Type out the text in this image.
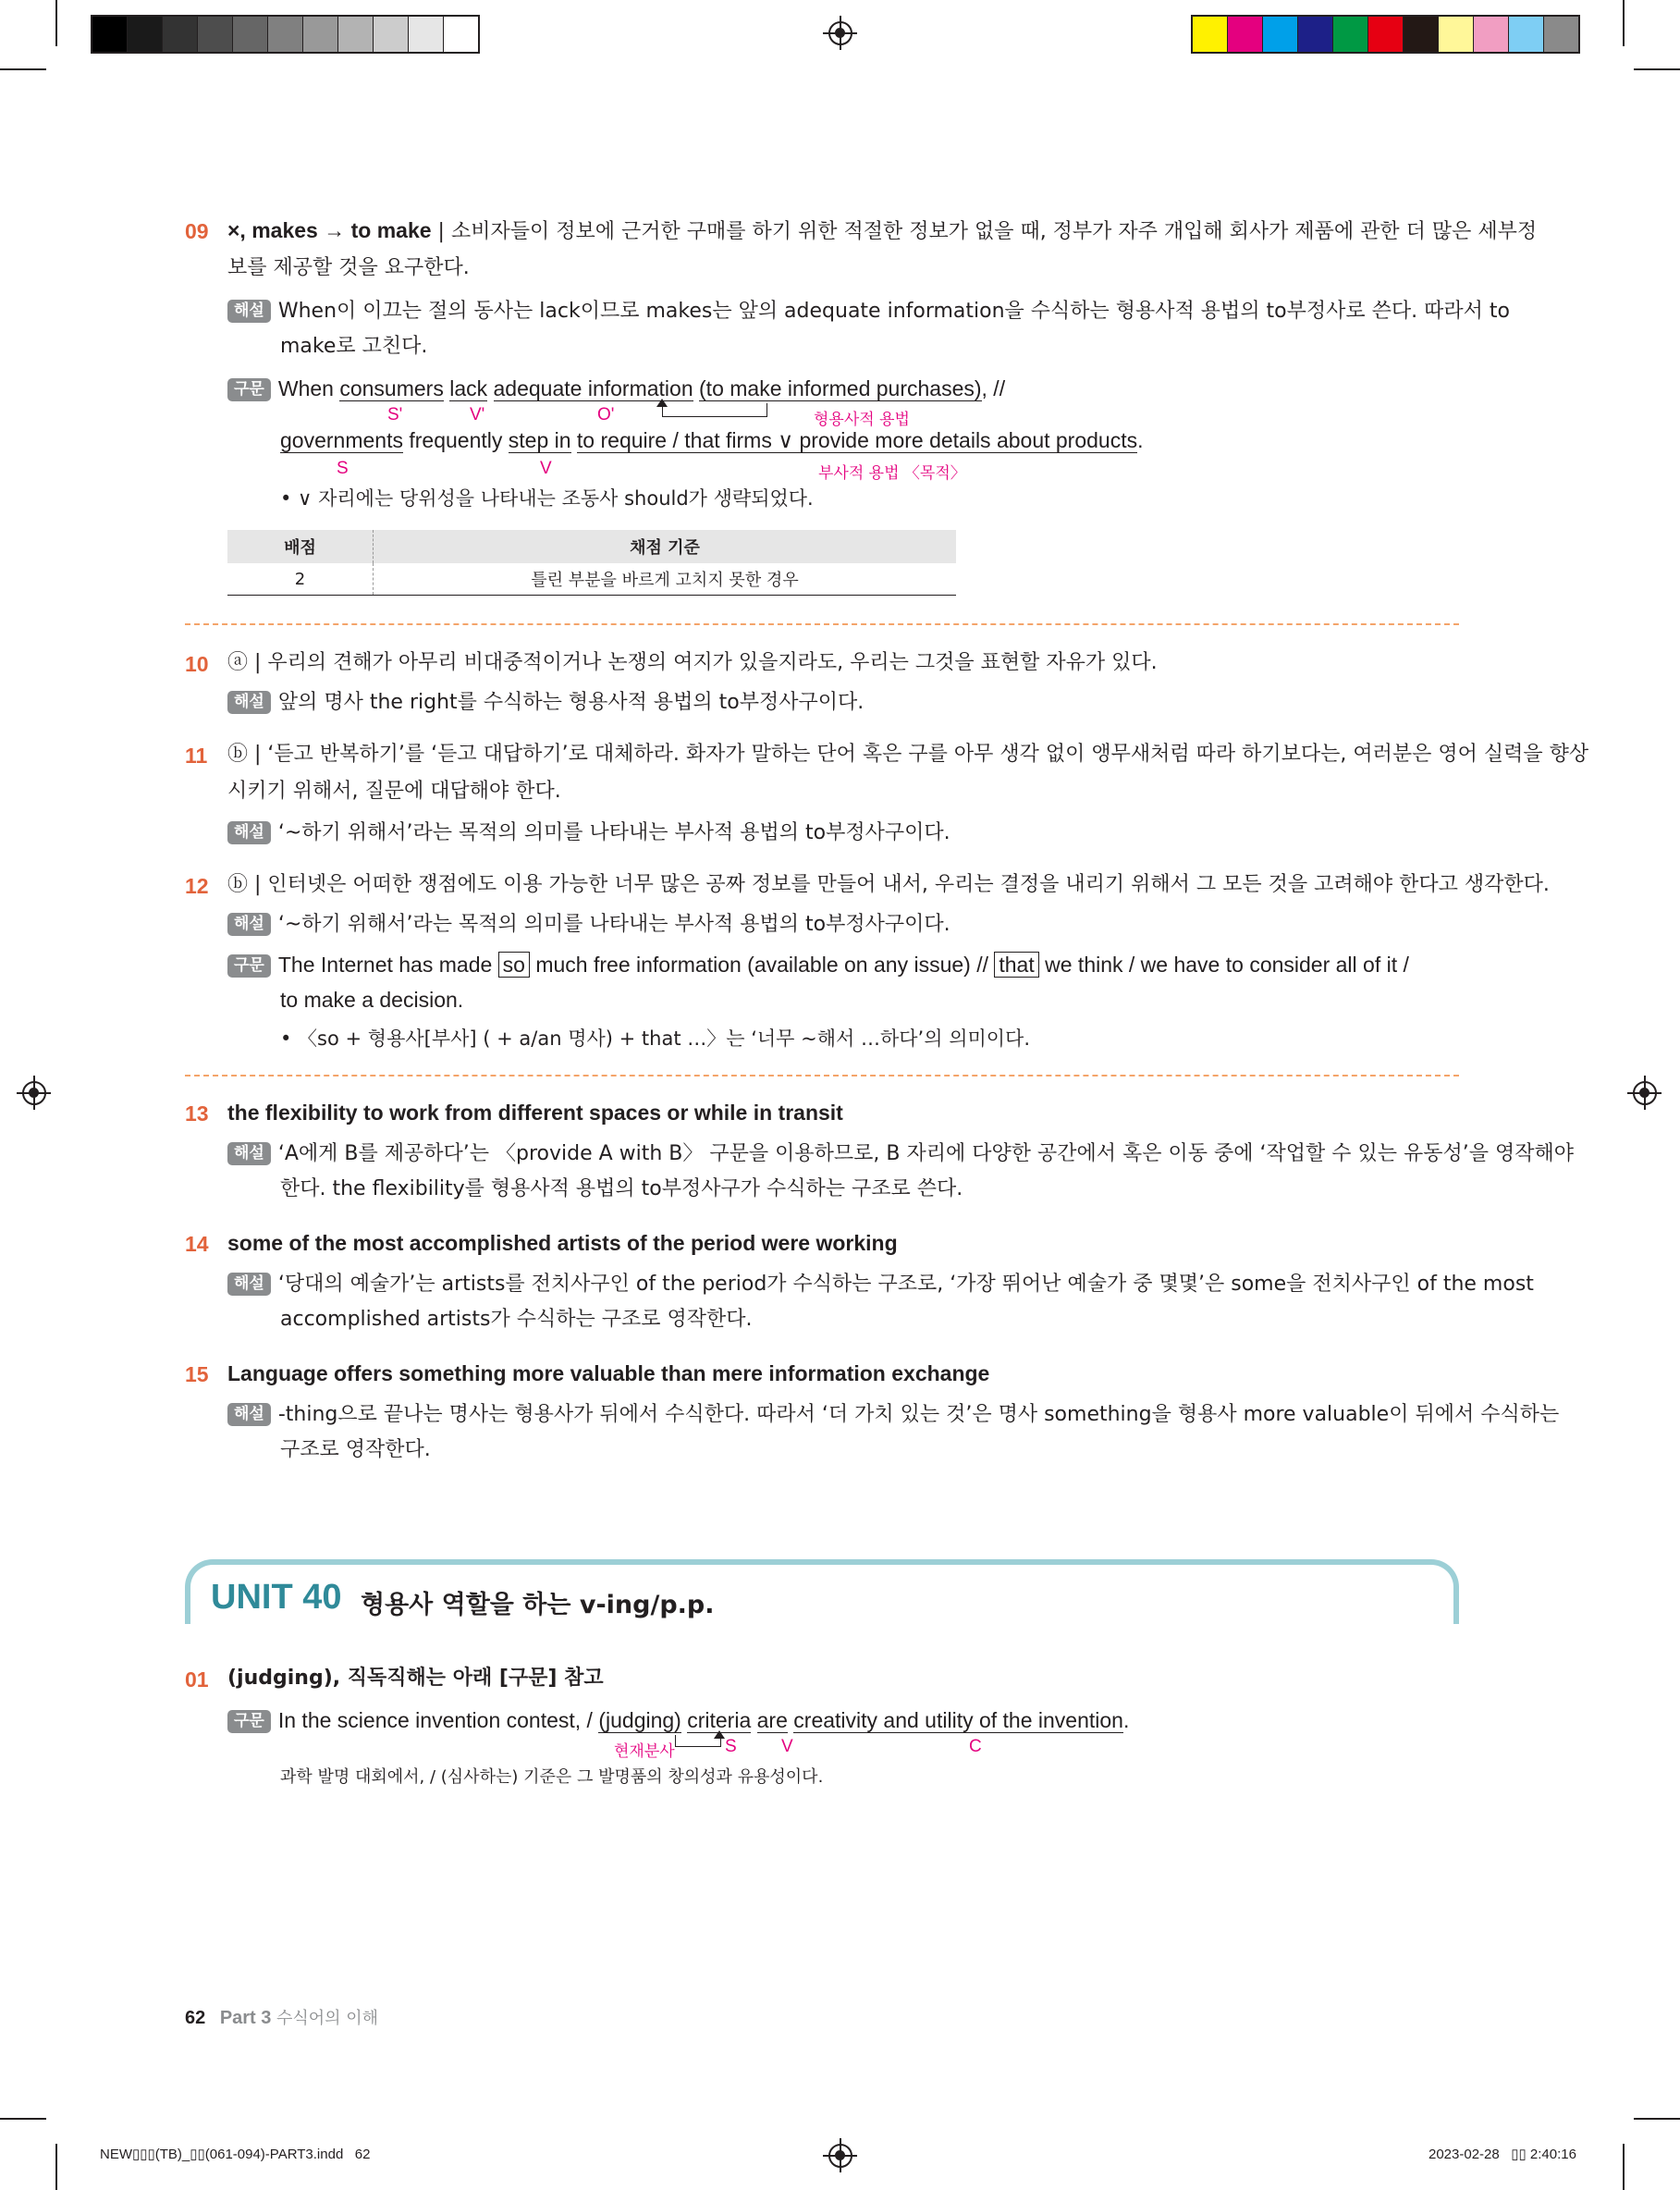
09 ×, makes → to make | 소비자들이 정보에 근거한 구매를 하기 위한 적절한 정보가 없을 때, 정부가 자주 개입해 회사가 제품에 관한 더 많은 세부정
보를 제공할 것을 요구한다.
해설 When이 이끄는 절의 동사는 lack이므로 makes는 앞의 adequate information을 수식하는 형용사적 용법의 to부정사로 쓴다. 따라서 to
make로 고친다.
구문 When consumers lack adequate information (to make informed purchases), //
S'	V'	O'	형용사적 용법
governments frequently step in to require / that firms ∨ provide more details about products.
S	V	부사적 용법 〈목적〉
• ∨ 자리에는 당위성을 나타내는 조동사 should가 생략되었다.
배점	채점 기준
2	틀린 부분을 바르게 고치지 못한 경우
10 ⓐ | 우리의 견해가 아무리 비대중적이거나 논쟁의 여지가 있을지라도, 우리는 그것을 표현할 자유가 있다.
해설 앞의 명사 the right를 수식하는 형용사적 용법의 to부정사구이다.
11 ⓑ | ‘듣고 반복하기’를 ‘듣고 대답하기’로 대체하라. 화자가 말하는 단어 혹은 구를 아무 생각 없이 앵무새처럼 따라 하기보다는, 여러분은 영어 실력을 향상
시키기 위해서, 질문에 대답해야 한다.
해설 ‘~하기 위해서’라는 목적의 의미를 나타내는 부사적 용법의 to부정사구이다.
12 ⓑ | 인터넷은 어떠한 쟁점에도 이용 가능한 너무 많은 공짜 정보를 만들어 내서, 우리는 결정을 내리기 위해서 그 모든 것을 고려해야 한다고 생각한다.
해설 ‘~하기 위해서’라는 목적의 의미를 나타내는 부사적 용법의 to부정사구이다.
구문 The Internet has made so much free information (available on any issue) // that we think / we have to consider all of it /
to make a decision.
• 〈so + 형용사[부사] ( + a/an 명사) + that …〉는 ‘너무 ~해서 …하다’의 의미이다.
13 the flexibility to work from different spaces or while in transit
해설 ‘A에게 B를 제공하다’는 〈provide A with B〉 구문을 이용하므로, B 자리에 다양한 공간에서 혹은 이동 중에 ‘작업할 수 있는 유동성’을 영작해야
한다. the flexibility를 형용사적 용법의 to부정사구가 수식하는 구조로 쓴다.
14 some of the most accomplished artists of the period were working
해설 ‘당대의 예술가’는 artists를 전치사구인 of the period가 수식하는 구조로, ‘가장 뛰어난 예술가 중 몇몇’은 some을 전치사구인 of the most
accomplished artists가 수식하는 구조로 영작한다.
15 Language offers something more valuable than mere information exchange
해설 -thing으로 끝나는 명사는 형용사가 뒤에서 수식한다. 따라서 ‘더 가치 있는 것’은 명사 something을 형용사 more valuable이 뒤에서 수식하는
구조로 영작한다.
UNIT 40 형용사 역할을 하는 v-ing/p.p.
01 (judging), 직독직해는 아래 [구문] 참고
구문 In the science invention contest, / (judging) criteria are creativity and utility of the invention.
현재분사	S	V	C
과학 발명 대회에서, / (심사하는) 기준은 그 발명품의 창의성과 유용성이다.
62 Part 3 수식어의 이해
NEW▯▯▯(TB)_▯▯(061-094)-PART3.indd   62	2023-02-28   ▯▯ 2:40:16
